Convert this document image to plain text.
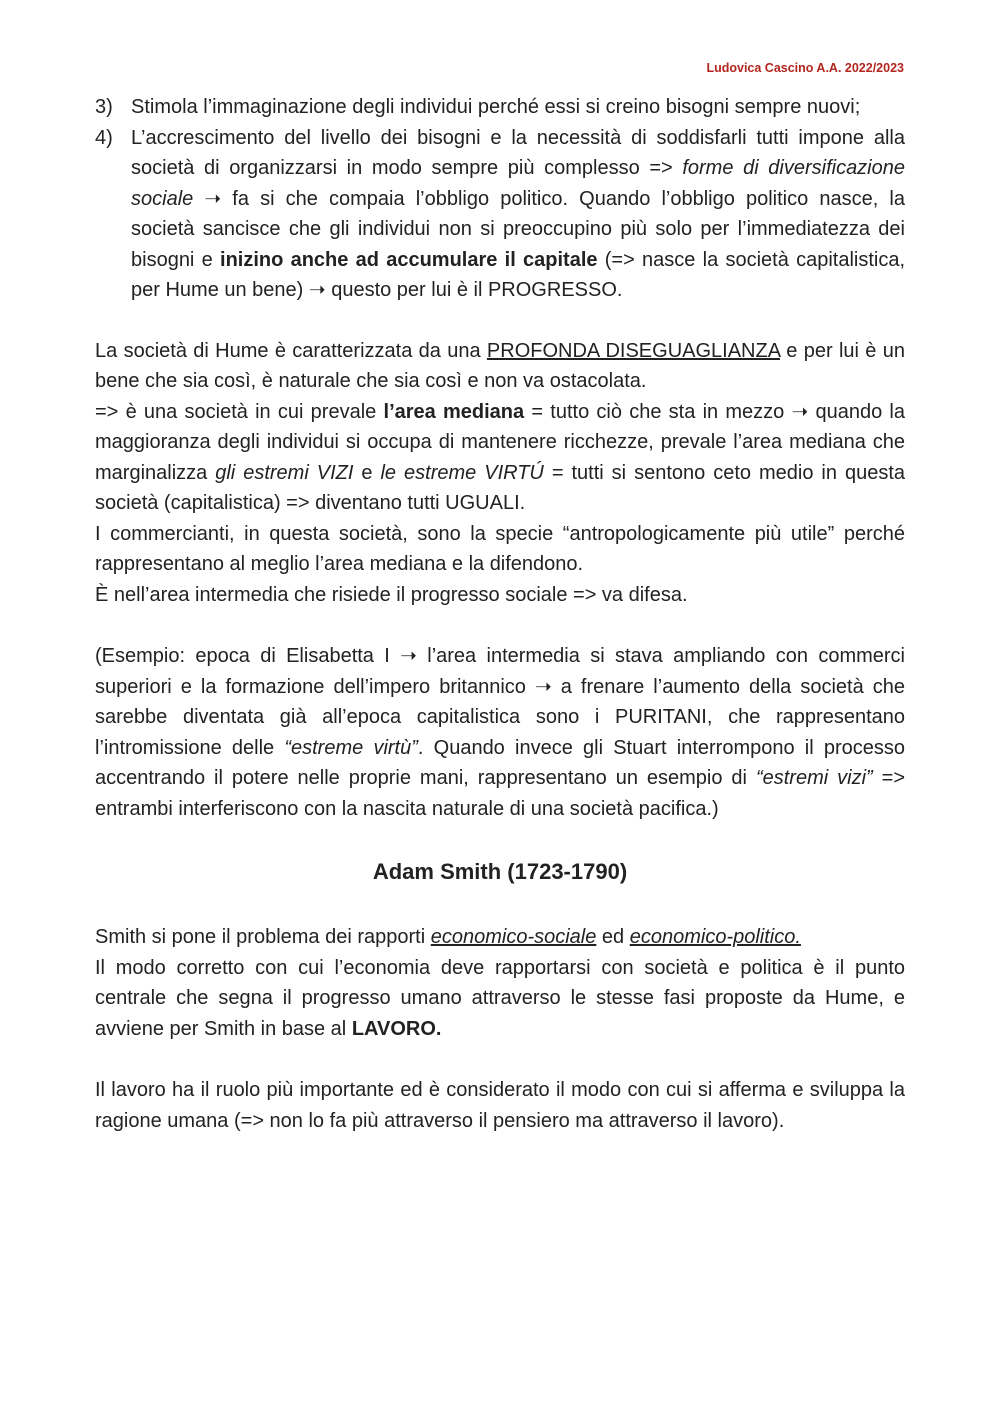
Ludovica Cascino A.A. 2022/2023
3) Stimola l’immaginazione degli individui perché essi si creino bisogni sempre nuovi;
4) L’accrescimento del livello dei bisogni e la necessità di soddisfarli tutti impone alla società di organizzarsi in modo sempre più complesso => forme di diversificazione sociale ➝ fa si che compaia l’obbligo politico. Quando l’obbligo politico nasce, la società sancisce che gli individui non si preoccupino più solo per l’immediatezza dei bisogni e inizino anche ad accumulare il capitale (=> nasce la società capitalistica, per Hume un bene) ➝ questo per lui è il PROGRESSO.

La società di Hume è caratterizzata da una PROFONDA DISEGUAGLIANZA e per lui è un bene che sia così, è naturale che sia così e non va ostacolata.

=> è una società in cui prevale l’area mediana = tutto ciò che sta in mezzo ➝ quando la maggioranza degli individui si occupa di mantenere ricchezze, prevale l’area mediana che marginalizza gli estremi VIZI e le estreme VIRTÚ = tutti si sentono ceto medio in questa società (capitalistica) => diventano tutti UGUALI.

I commercianti, in questa società, sono la specie “antropologicamente più utile” perché rappresentano al meglio l’area mediana e la difendono.

È nell’area intermedia che risiede il progresso sociale => va difesa.

(Esempio: epoca di Elisabetta I ➝ l’area intermedia si stava ampliando con commerci superiori e la formazione dell’impero britannico ➝ a frenare l’aumento della società che sarebbe diventata già all’epoca capitalistica sono i PURITANI, che rappresentano l’intromissione delle “estreme virtù”. Quando invece gli Stuart interrompono il processo accentrando il potere nelle proprie mani, rappresentano un esempio di “estremi vizi” => entrambi interferiscono con la nascita naturale di una società pacifica.)

Adam Smith (1723-1790)

Smith si pone il problema dei rapporti economico-sociale ed economico-politico.

Il modo corretto con cui l’economia deve rapportarsi con società e politica è il punto centrale che segna il progresso umano attraverso le stesse fasi proposte da Hume, e avviene per Smith in base al LAVORO.

Il lavoro ha il ruolo più importante ed è considerato il modo con cui si afferma e sviluppa la ragione umana (=> non lo fa più attraverso il pensiero ma attraverso il lavoro).
